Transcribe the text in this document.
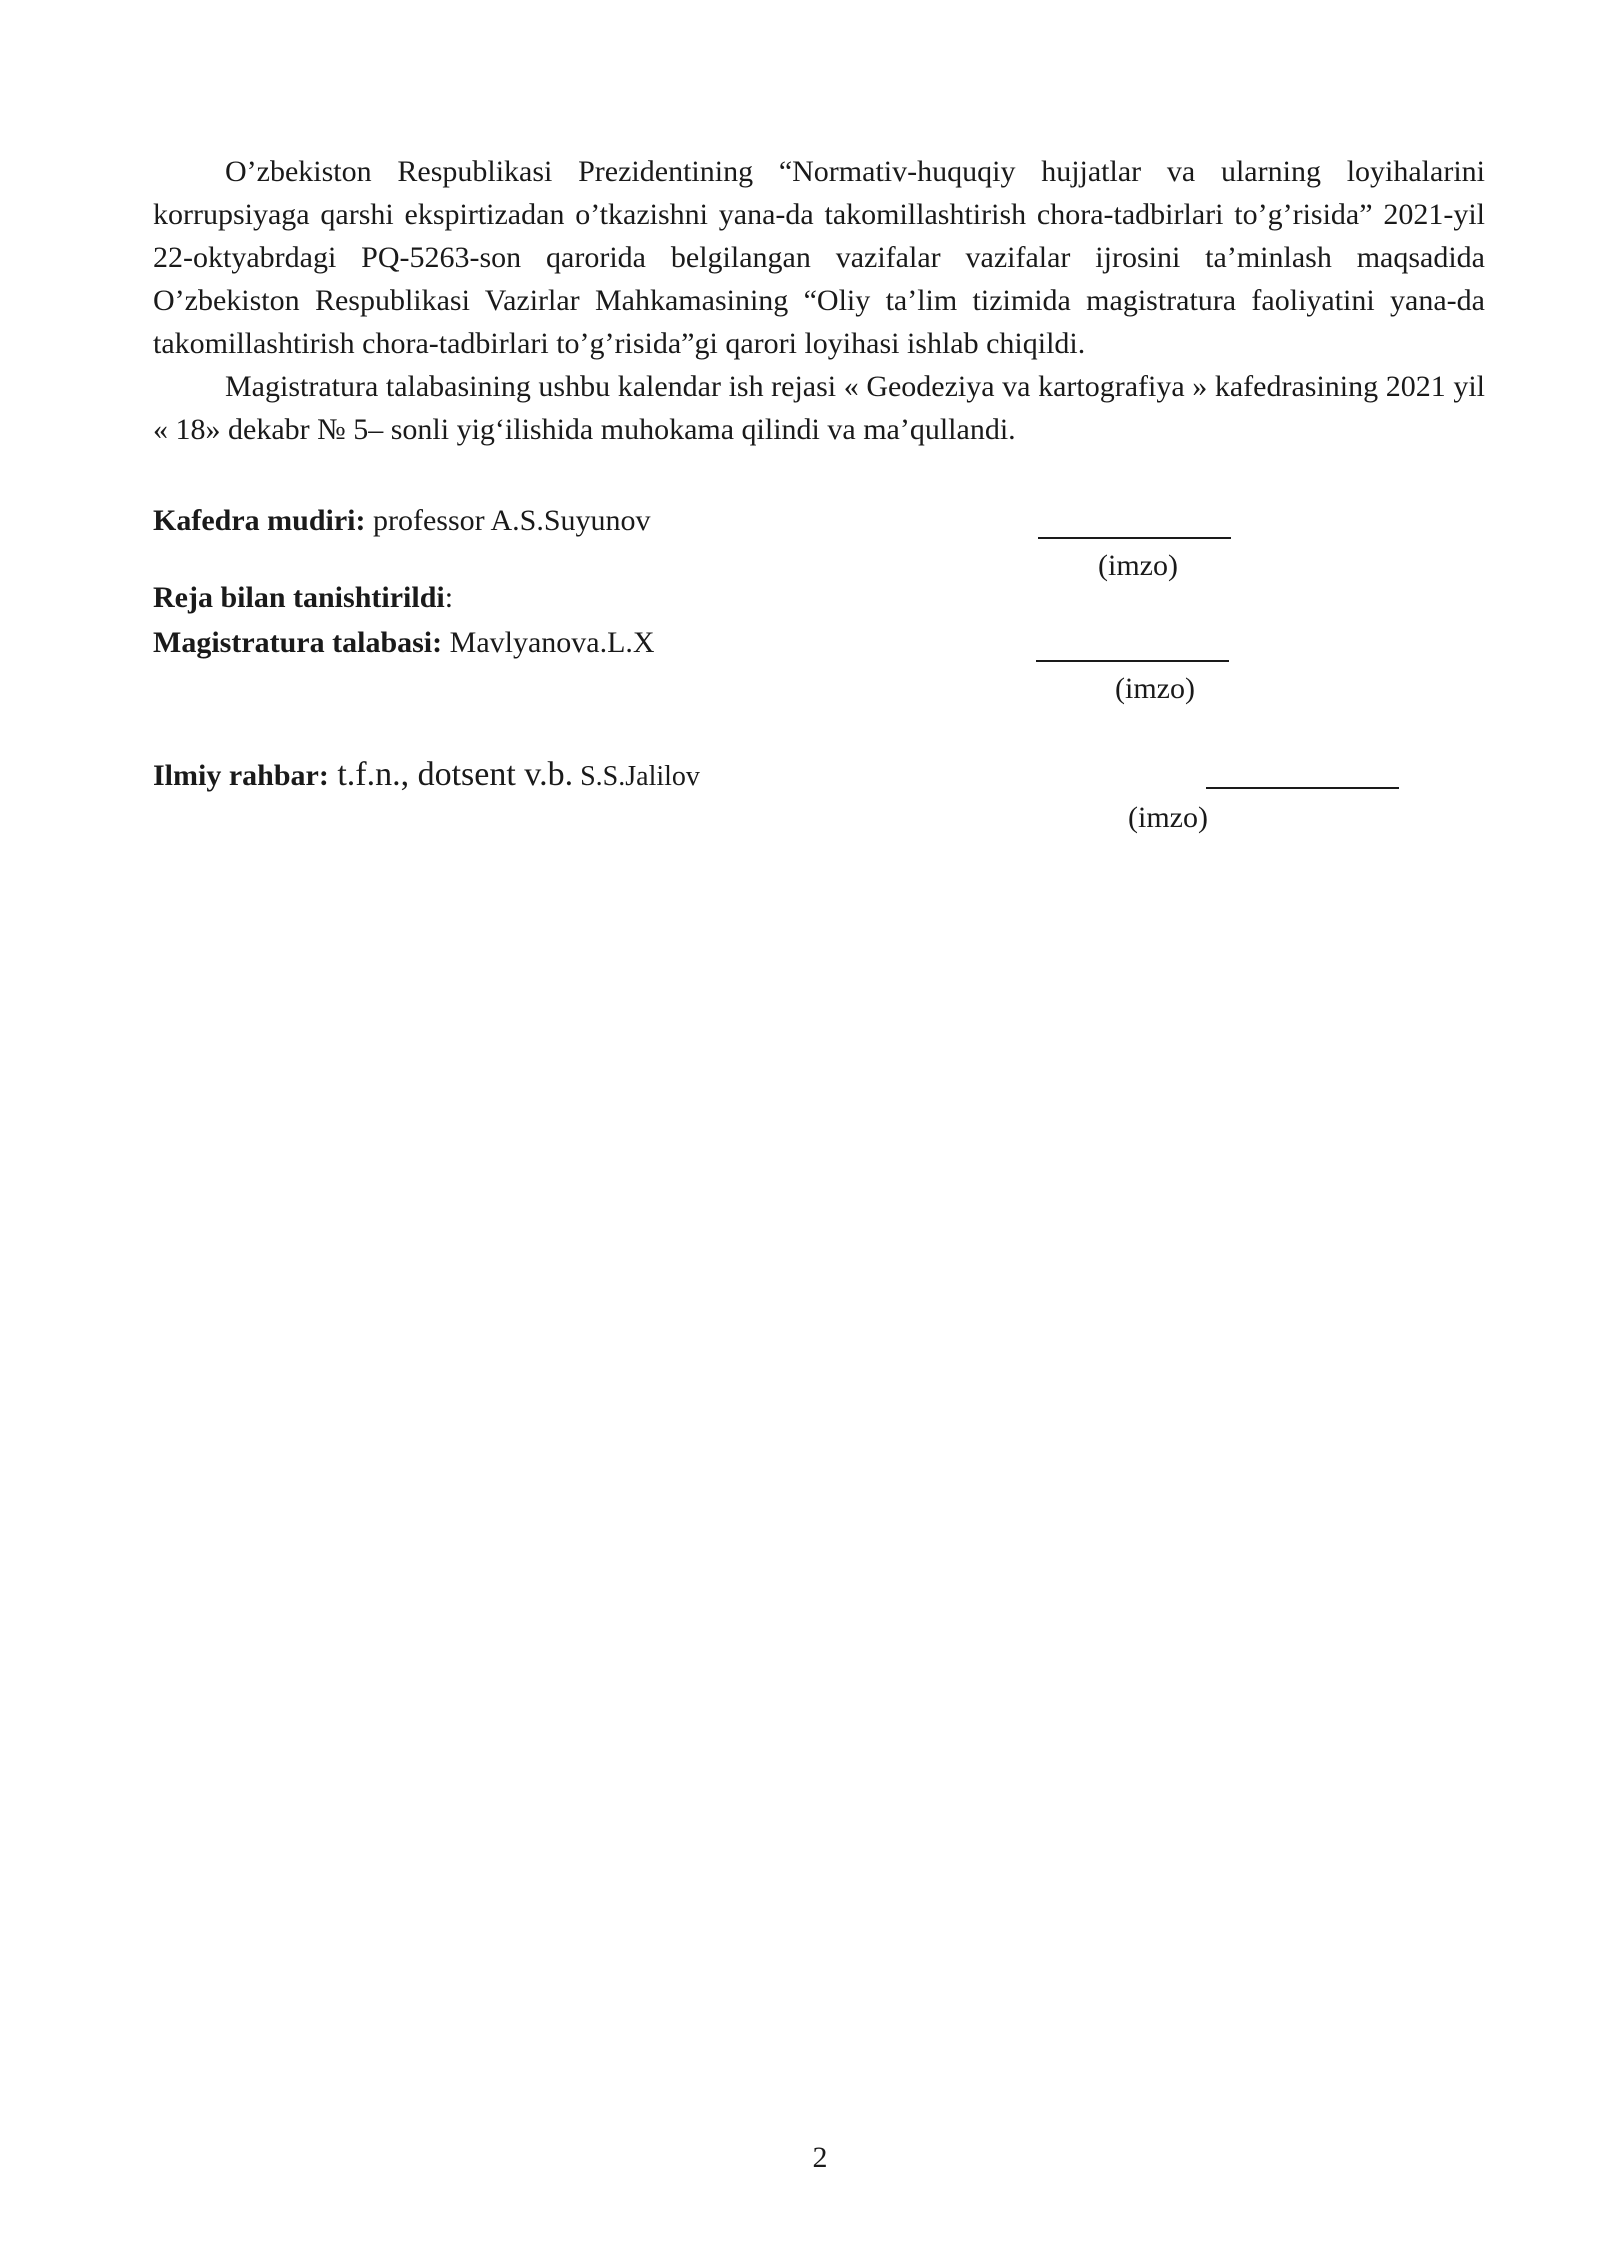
O’zbekiston Respublikasi Prezidentining “Normativ-huquqiy hujjatlar va ularning loyihalarini korrupsiyaga qarshi ekspirtizadan o’tkazishni yana-da takomillashtirish chora-tadbirlari to’g’risida” 2021-yil 22-oktyabrdagi PQ-5263-son qarorida belgilangan vazifalar vazifalar ijrosini ta’minlash maqsadida O’zbekiston Respublikasi Vazirlar Mahkamasining “Oliy ta’lim tizimida magistratura faoliyatini yana-da takomillashtirish chora-tadbirlari to’g’risida”gi qarori loyihasi ishlab chiqildi.

Magistratura talabasining ushbu kalendar ish rejasi « Geodeziya va kartografiya » kafedrasining 2021 yil « 18» dekabr № 5– sonli yig‘ilishida muhokama qilindi va ma’qullandi.

Kafedra mudiri: professor A.S.Suyunov
(imzo)
Reja bilan tanishtirildi:
Magistratura talabasi: Mavlyanova.L.X
(imzo)
Ilmiy rahbar: t.f.n., dotsent v.b. S.S.Jalilov
(imzo)
2
